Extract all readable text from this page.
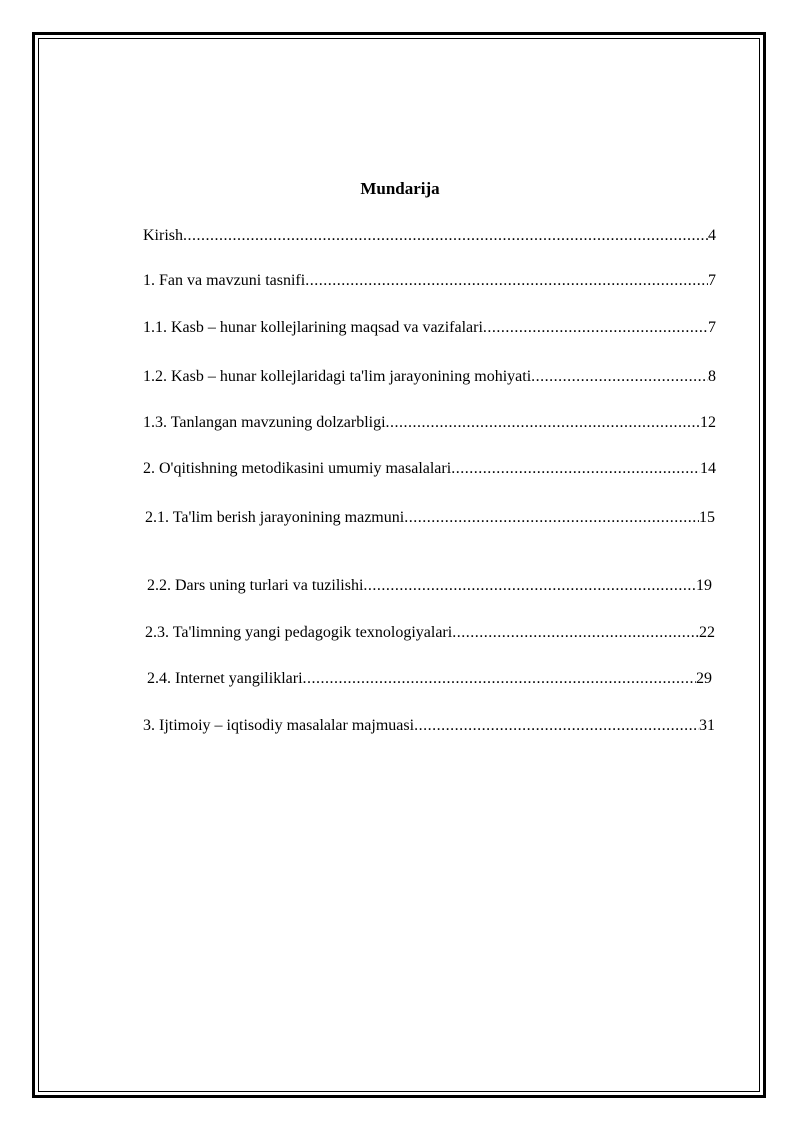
Mundarija
Kirish .....	4
1. Fan va mavzuni tasnifi .....	7
1.1. Kasb – hunar kollejlarining maqsad va vazifalari .....	7
1.2. Kasb – hunar kollejlaridagi ta'lim jarayonining mohiyati .....	8
1.3. Tanlangan mavzuning dolzarbligi .....	12
2. O'qitishning metodikasini umumiy masalalari .....	14
2.1. Ta'lim berish jarayonining mazmuni .....	15
2.2. Dars uning turlari va tuzilishi .....	19
2.3. Ta'limning yangi pedagogik texnologiyalari .....	22
2.4. Internet yangiliklari .....	29
3. Ijtimoiy – iqtisodiy masalalar majmuasi .....	31
